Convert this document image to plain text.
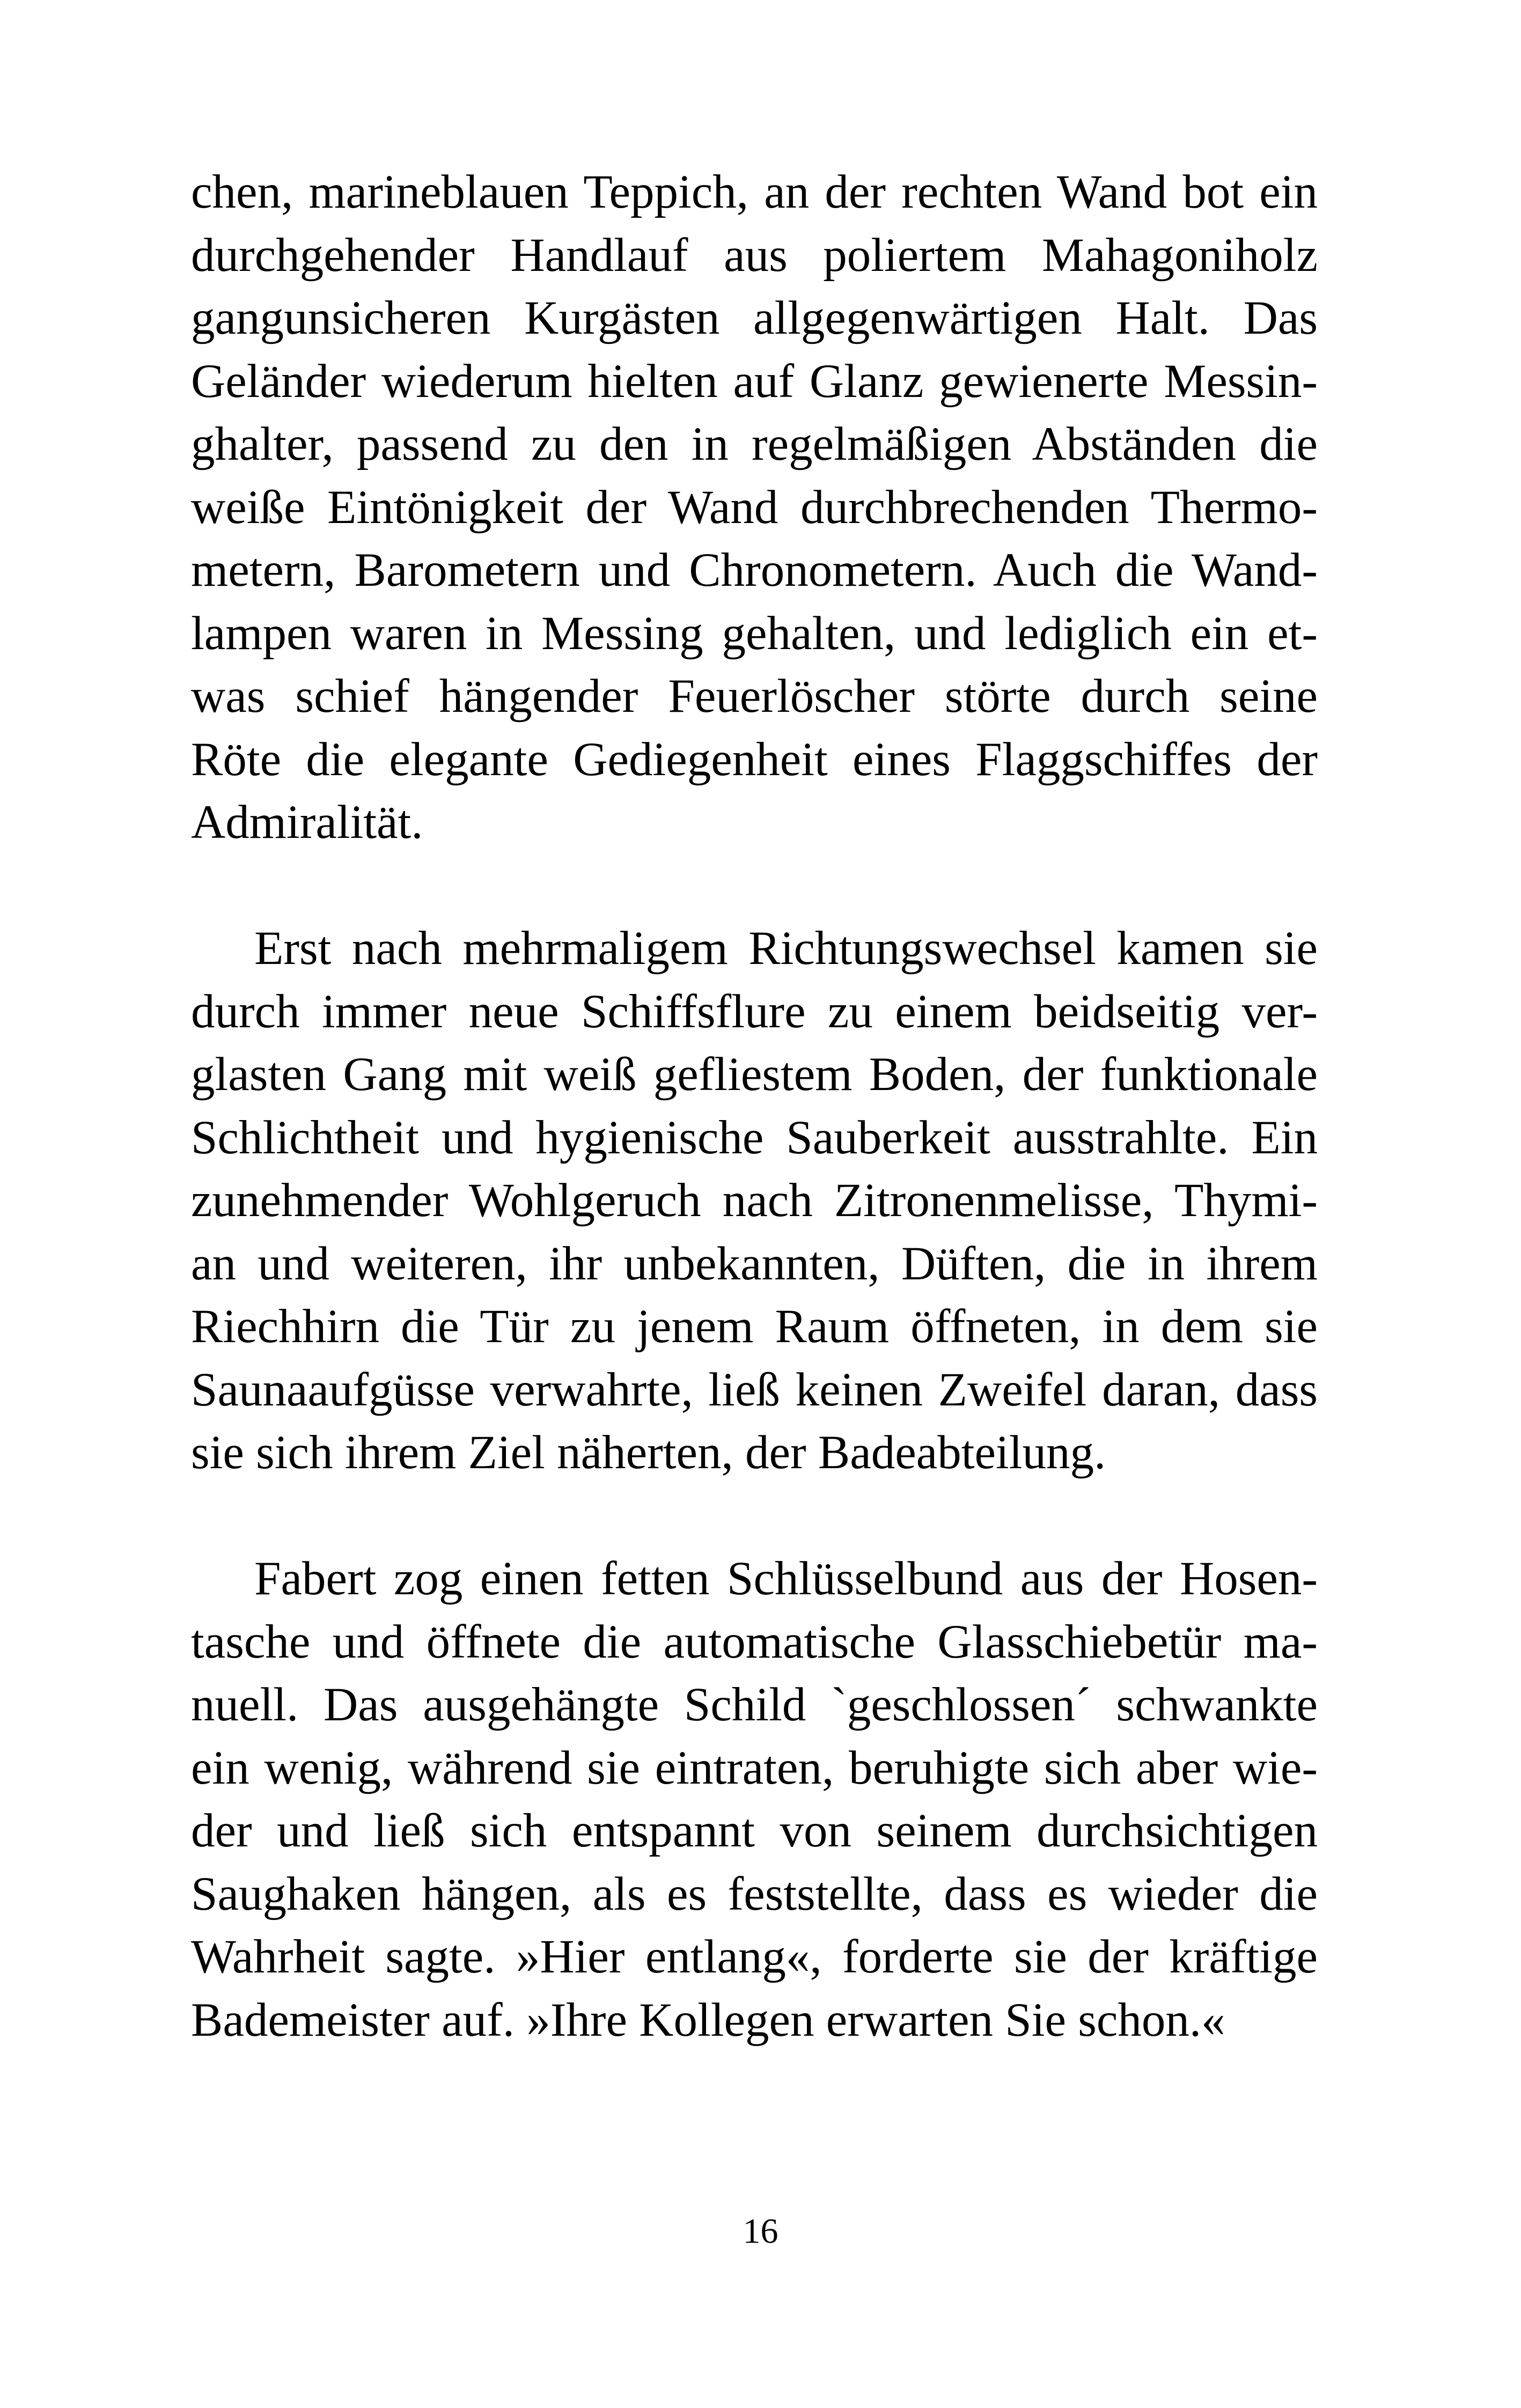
chen, marineblauen Teppich, an der rechten Wand bot ein
durchgehender Handlauf aus poliertem Mahagoniholz
gangunsicheren Kurgästen allgegenwärtigen Halt. Das
Geländer wiederum hielten auf Glanz gewienerte Messin-
ghalter, passend zu den in regelmäßigen Abständen die
weiße Eintönigkeit der Wand durchbrechenden Thermo-
metern, Barometern und Chronometern. Auch die Wand-
lampen waren in Messing gehalten, und lediglich ein et-
was schief hängender Feuerlöscher störte durch seine
Röte die elegante Gediegenheit eines Flaggschiffes der
Admiralität.
Erst nach mehrmaligem Richtungswechsel kamen sie
durch immer neue Schiffsflure zu einem beidseitig ver-
glasten Gang mit weiß gefliestem Boden, der funktionale
Schlichtheit und hygienische Sauberkeit ausstrahlte. Ein
zunehmender Wohlgeruch nach Zitronenmelisse, Thymi-
an und weiteren, ihr unbekannten, Düften, die in ihrem
Riechhirn die Tür zu jenem Raum öffneten, in dem sie
Saunaaufgüsse verwahrte, ließ keinen Zweifel daran, dass
sie sich ihrem Ziel näherten, der Badeabteilung.
Fabert zog einen fetten Schlüsselbund aus der Hosen-
tasche und öffnete die automatische Glasschiebetür ma-
nuell. Das ausgehängte Schild `geschlossen´ schwankte
ein wenig, während sie eintraten, beruhigte sich aber wie-
der und ließ sich entspannt von seinem durchsichtigen
Saughaken hängen, als es feststellte, dass es wieder die
Wahrheit sagte. »Hier entlang«, forderte sie der kräftige
Bademeister auf. »Ihre Kollegen erwarten Sie schon.«
16
